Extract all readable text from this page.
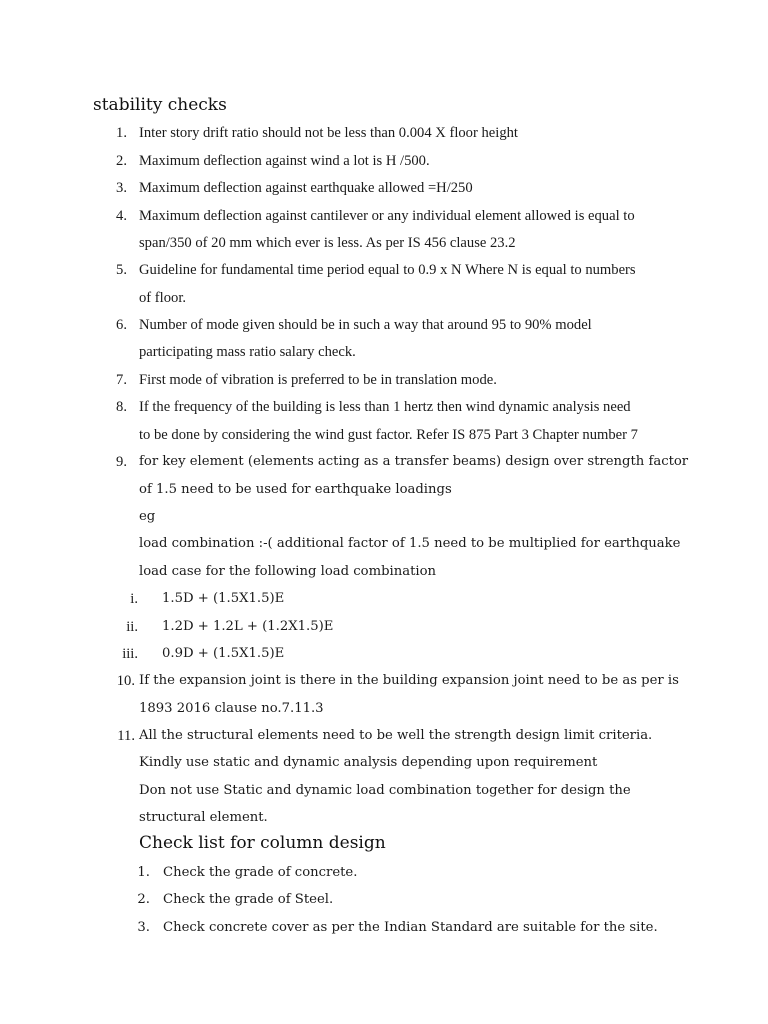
stability checks
1. Inter story drift ratio should not be less than 0.004 X floor height
2. Maximum deflection against wind a lot is H /500.
3. Maximum deflection against earthquake allowed =H/250
4. Maximum deflection against cantilever or any individual element allowed is equal to
span/350 of 20 mm which ever is less. As per IS 456 clause 23.2
5. Guideline for fundamental time period equal to 0.9 x N Where N is equal to numbers
of floor.
6. Number of mode given should be in such a way that around 95 to 90% model
participating mass ratio salary check.
7. First mode of vibration is preferred to be in translation mode.
8. If the frequency of the building is less than 1 hertz then wind dynamic analysis need
to be done by considering the wind gust factor. Refer IS 875 Part 3 Chapter number 7
9. for key element (elements acting as a transfer beams) design over strength factor
of 1.5 need to be used for earthquake loadings
eg
load combination :-( additional factor of 1.5 need to be multiplied for earthquake
load case for the following load combination
i. 1.5D + (1.5X1.5)E
ii. 1.2D + 1.2L + (1.2X1.5)E
iii. 0.9D + (1.5X1.5)E
10. If the expansion joint is there in the building expansion joint need to be as per is
1893 2016 clause no.7.11.3
11. All the structural elements need to be well the strength design limit criteria.
Kindly use static and dynamic analysis depending upon requirement
Don not use Static and dynamic load combination together for design the
structural element.
Check list for column design
1. Check the grade of concrete.
2. Check the grade of Steel.
3. Check concrete cover as per the Indian Standard are suitable for the site.
